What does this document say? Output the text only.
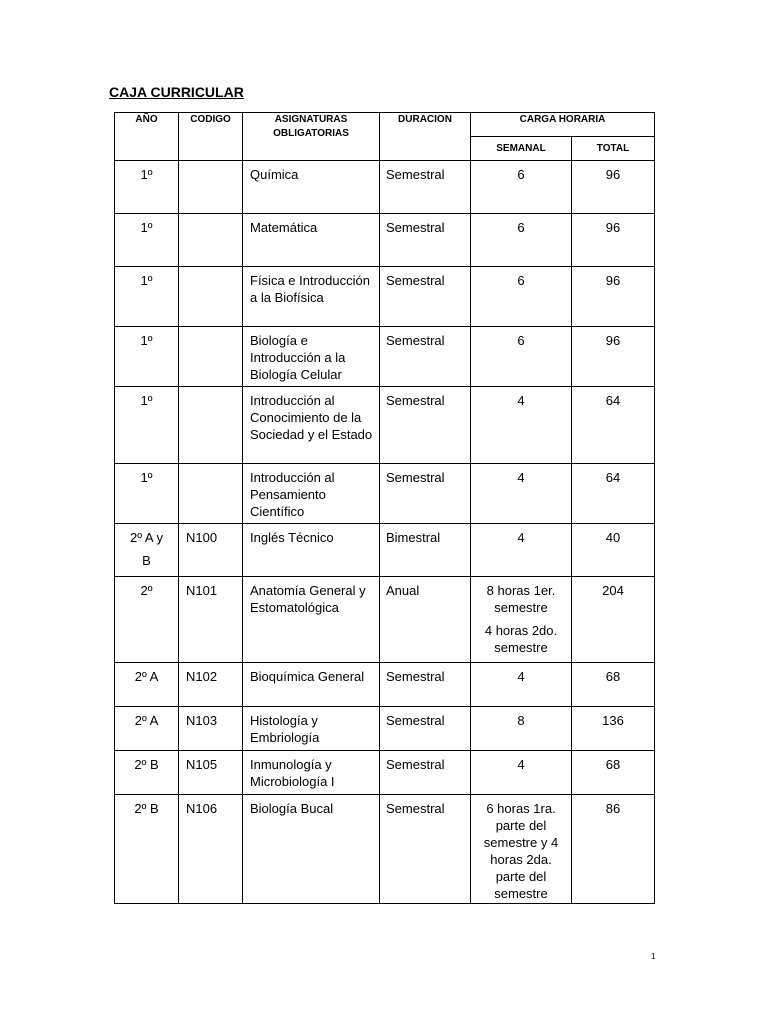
CAJA CURRICULAR
AÑO	CODIGO	ASIGNATURAS OBLIGATORIAS	DURACION	CARGA HORARIA	

				SEMANAL	TOTAL

1º		Química	Semestral	6	96

1º		Matemática	Semestral	6	96

1º		Física e Introducción a la Biofísica	Semestral	6	96

1º		Biología e Introducción a la Biología Celular	Semestral	6	96

1º		Introducción al Conocimiento de la Sociedad y el Estado	Semestral	4	64

1º		Introducción al Pensamiento Científico	Semestral	4	64

2º A y B	N100	Inglés Técnico	Bimestral	4	40

2º	N101	Anatomía General y Estomatológica	Anual	8 horas 1er. semestre
4 horas 2do. semestre	204

2º A	N102	Bioquímica General	Semestral	4	68

2º A	N103	Histología y Embriología	Semestral	8	136

2º B	N105	Inmunología y Microbiología I	Semestral	4	68

2º B	N106	Biología Bucal	Semestral	6 horas 1ra. parte del semestre y 4 horas 2da. parte del semestre	86
1
